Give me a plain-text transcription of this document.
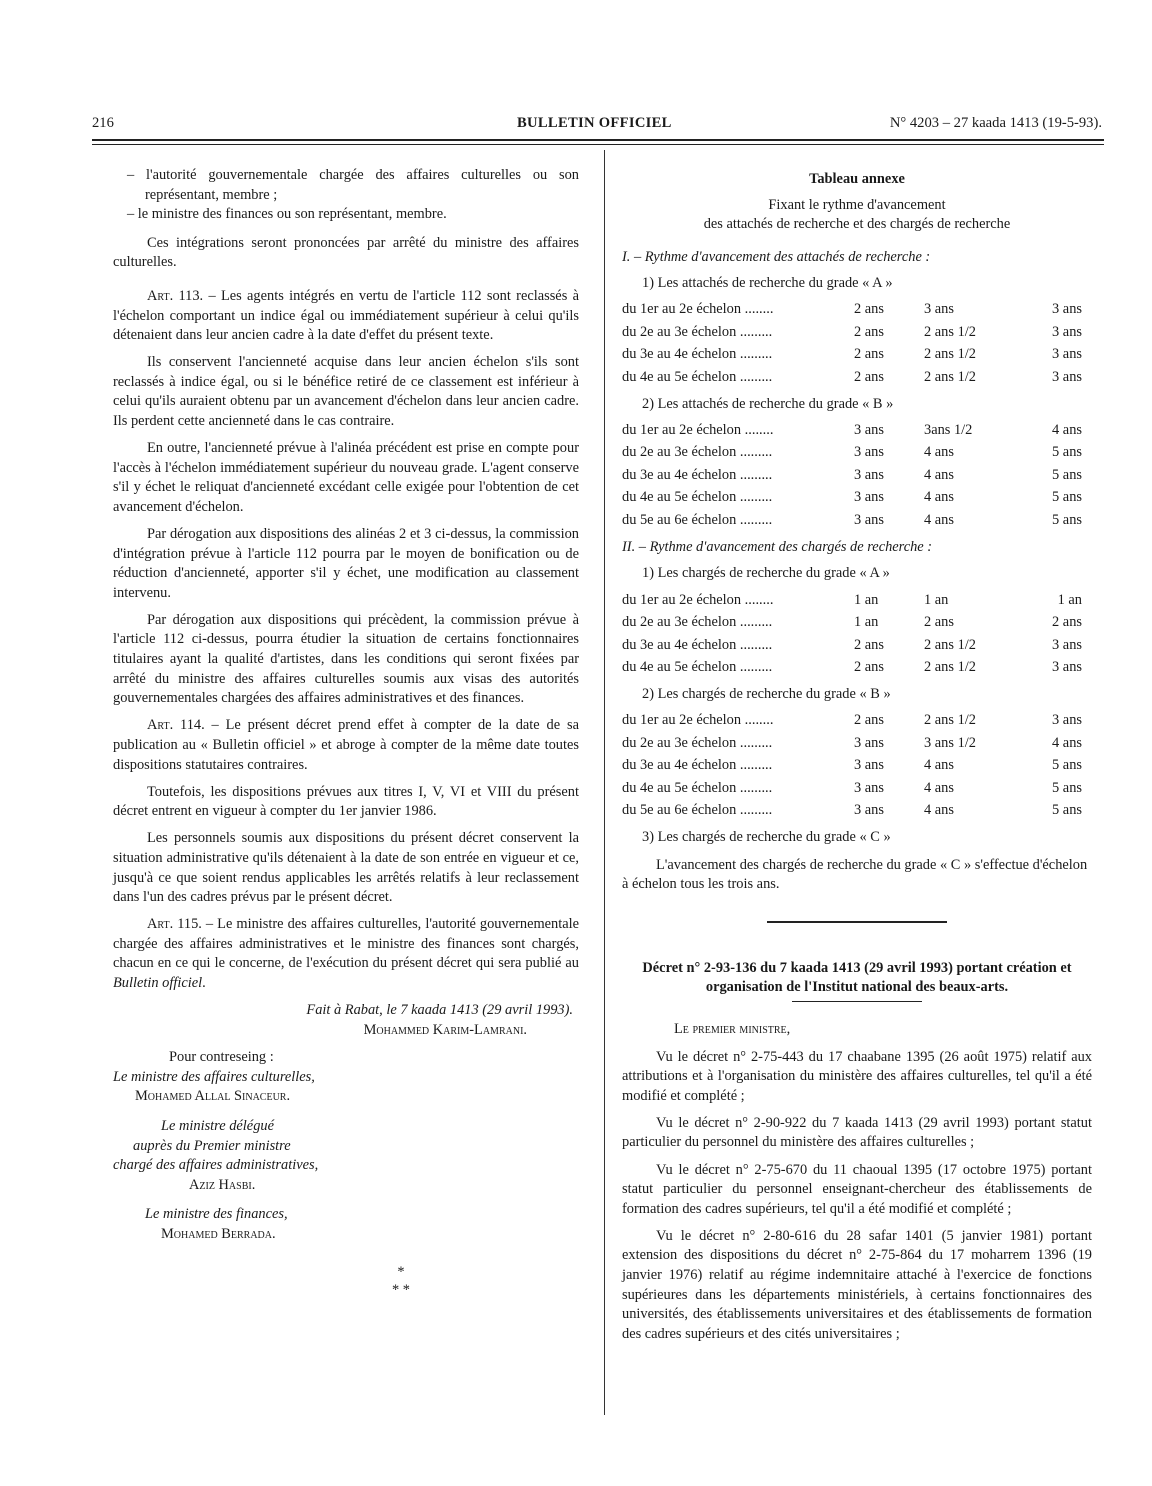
216	BULLETIN OFFICIEL	N° 4203 – 27 kaada 1413 (19-5-93).

– l'autorité gouvernementale chargée des affaires culturelles ou son représentant, membre ;

– le ministre des finances ou son représentant, membre.

Ces intégrations seront prononcées par arrêté du ministre des affaires culturelles.

Art. 113. – Les agents intégrés en vertu de l'article 112 sont reclassés à l'échelon comportant un indice égal ou immédiatement supérieur à celui qu'ils détenaient dans leur ancien cadre à la date d'effet du présent texte.

Ils conservent l'ancienneté acquise dans leur ancien échelon s'ils sont reclassés à indice égal, ou si le bénéfice retiré de ce classement est inférieur à celui qu'ils auraient obtenu par un avancement d'échelon dans leur ancien cadre. Ils perdent cette ancienneté dans le cas contraire.

En outre, l'ancienneté prévue à l'alinéa précédent est prise en compte pour l'accès à l'échelon immédiatement supérieur du nouveau grade. L'agent conserve s'il y échet le reliquat d'ancienneté excédant celle exigée pour l'obtention de cet avancement d'échelon.

Par dérogation aux dispositions des alinéas 2 et 3 ci-dessus, la commission d'intégration prévue à l'article 112 pourra par le moyen de bonification ou de réduction d'ancienneté, apporter s'il y échet, une modification au classement intervenu.

Par dérogation aux dispositions qui précèdent, la commission prévue à l'article 112 ci-dessus, pourra étudier la situation de certains fonctionnaires titulaires ayant la qualité d'artistes, dans les conditions qui seront fixées par arrêté du ministre des affaires culturelles soumis aux visas des autorités gouvernementales chargées des affaires administratives et des finances.

Art. 114. – Le présent décret prend effet à compter de la date de sa publication au « Bulletin officiel » et abroge à compter de la même date toutes dispositions statutaires contraires.

Toutefois, les dispositions prévues aux titres I, V, VI et VIII du présent décret entrent en vigueur à compter du 1er janvier 1986.

Les personnels soumis aux dispositions du présent décret conservent la situation administrative qu'ils détenaient à la date de son entrée en vigueur et ce, jusqu'à ce que soient rendus applicables les arrêtés relatifs à leur reclassement dans l'un des cadres prévus par le présent décret.

Art. 115. – Le ministre des affaires culturelles, l'autorité gouvernementale chargée des affaires administratives et le ministre des finances sont chargés, chacun en ce qui le concerne, de l'exécution du présent décret qui sera publié au Bulletin officiel.

Fait à Rabat, le 7 kaada 1413 (29 avril 1993).

Mohammed Karim-Lamrani.

Pour contreseing :

Le ministre des affaires culturelles,

Mohamed Allal Sinaceur.

Le ministre délégué

auprès du Premier ministre

chargé des affaires administratives,

Aziz Hasbi.

Le ministre des finances,

Mohamed Berrada.

*
* *

Tableau annexe

Fixant le rythme d'avancement
des attachés de recherche et des chargés de recherche

I. – Rythme d'avancement des attachés de recherche :

1) Les attachés de recherche du grade « A »

du 1er au 2e échelon ........	2 ans	3 ans	3 ans
du 2e au 3e échelon .........	2 ans	2 ans 1/2	3 ans
du 3e au 4e échelon .........	2 ans	2 ans 1/2	3 ans
du 4e au 5e échelon .........	2 ans	2 ans 1/2	3 ans

2) Les attachés de recherche du grade « B »

du 1er au 2e échelon ........	3 ans	3ans 1/2	4 ans
du 2e au 3e échelon .........	3 ans	4 ans	5 ans
du 3e au 4e échelon .........	3 ans	4 ans	5 ans
du 4e au 5e échelon .........	3 ans	4 ans	5 ans
du 5e au 6e échelon .........	3 ans	4 ans	5 ans

II. – Rythme d'avancement des chargés de recherche :

1) Les chargés de recherche du grade « A »

du 1er au 2e échelon ........	1 an	1 an	1 an
du 2e au 3e échelon .........	1 an	2 ans	2 ans
du 3e au 4e échelon .........	2 ans	2 ans 1/2	3 ans
du 4e au 5e échelon .........	2 ans	2 ans 1/2	3 ans

2) Les chargés de recherche du grade « B »

du 1er au 2e échelon ........	2 ans	2 ans 1/2	3 ans
du 2e au 3e échelon .........	3 ans	3 ans 1/2	4 ans
du 3e au 4e échelon .........	3 ans	4 ans	5 ans
du 4e au 5e échelon .........	3 ans	4 ans	5 ans
du 5e au 6e échelon .........	3 ans	4 ans	5 ans

3) Les chargés de recherche du grade « C »

L'avancement des chargés de recherche du grade « C » s'effectue d'échelon à échelon tous les trois ans.

Décret n° 2-93-136 du 7 kaada 1413 (29 avril 1993) portant création et organisation de l'Institut national des beaux-arts.

Le premier ministre,

Vu le décret n° 2-75-443 du 17 chaabane 1395 (26 août 1975) relatif aux attributions et à l'organisation du ministère des affaires culturelles, tel qu'il a été modifié et complété ;

Vu le décret n° 2-90-922 du 7 kaada 1413 (29 avril 1993) portant statut particulier du personnel du ministère des affaires culturelles ;

Vu le décret n° 2-75-670 du 11 chaoual 1395 (17 octobre 1975) portant statut particulier du personnel enseignant-chercheur des établissements de formation des cadres supérieurs, tel qu'il a été modifié et complété ;

Vu le décret n° 2-80-616 du 28 safar 1401 (5 janvier 1981) portant extension des dispositions du décret n° 2-75-864 du 17 moharrem 1396 (19 janvier 1976) relatif au régime indemnitaire attaché à l'exercice de fonctions supérieures dans les départements ministériels, à certains fonctionnaires des universités, des établissements universitaires et des établissements de formation des cadres supérieurs et des cités universitaires ;
